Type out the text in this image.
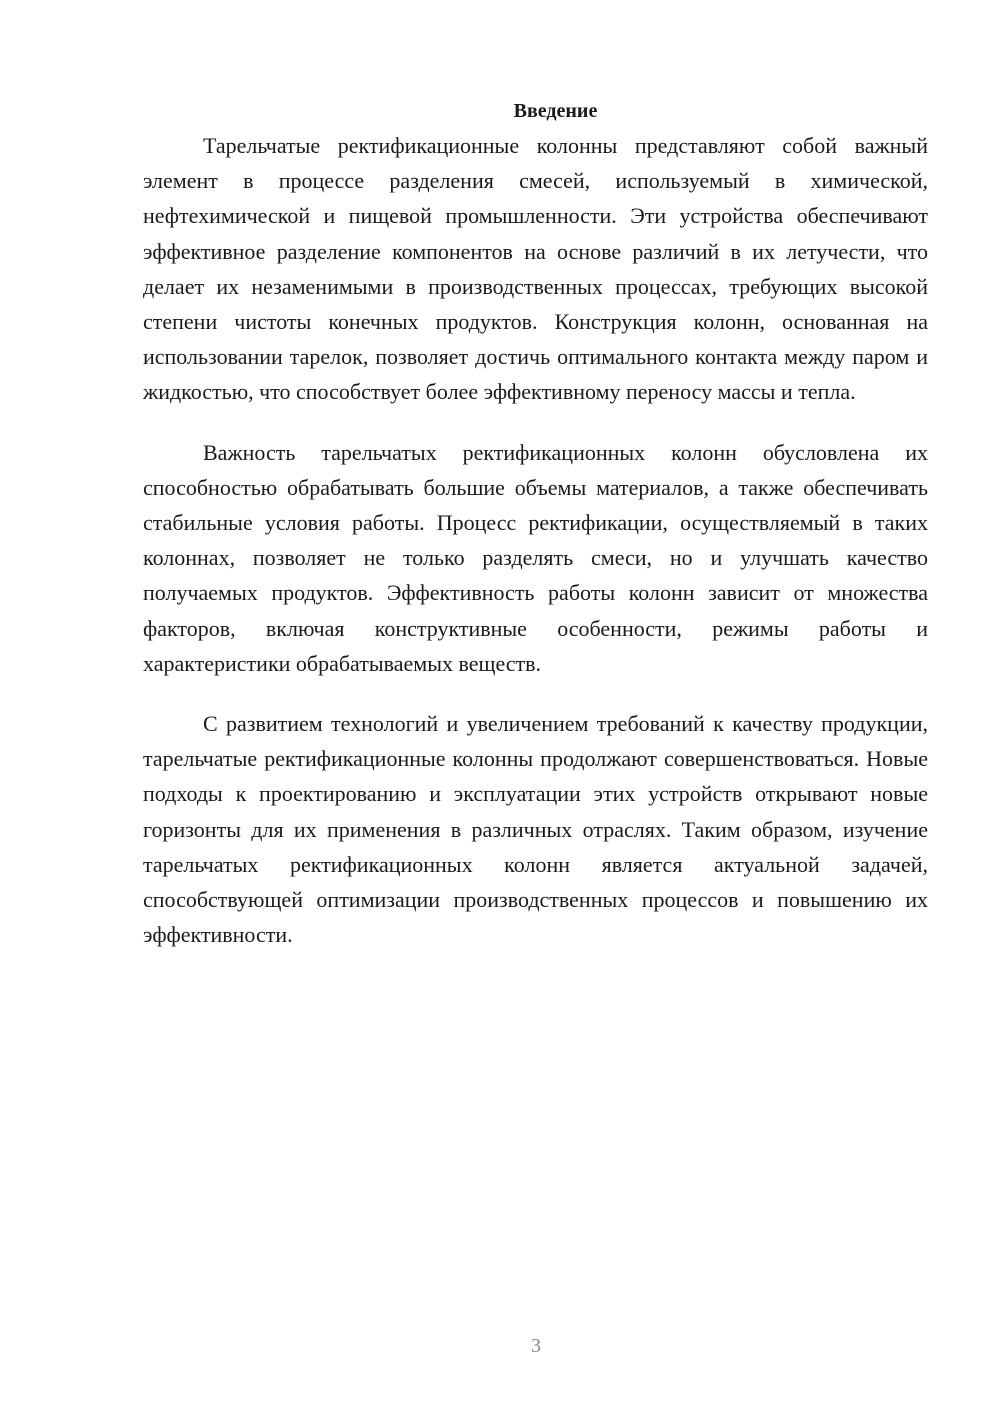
Введение

Тарельчатые ректификационные колонны представляют собой важный элемент в процессе разделения смесей, используемый в химической, нефтехимической и пищевой промышленности. Эти устройства обеспечивают эффективное разделение компонентов на основе различий в их летучести, что делает их незаменимыми в производственных процессах, требующих высокой степени чистоты конечных продуктов. Конструкция колонн, основанная на использовании тарелок, позволяет достичь оптимального контакта между паром и жидкостью, что способствует более эффективному переносу массы и тепла.

Важность тарельчатых ректификационных колонн обусловлена их способностью обрабатывать большие объемы материалов, а также обеспечивать стабильные условия работы. Процесс ректификации, осуществляемый в таких колоннах, позволяет не только разделять смеси, но и улучшать качество получаемых продуктов. Эффективность работы колонн зависит от множества факторов, включая конструктивные особенности, режимы работы и характеристики обрабатываемых веществ.

С развитием технологий и увеличением требований к качеству продукции, тарельчатые ректификационные колонны продолжают совершенствоваться. Новые подходы к проектированию и эксплуатации этих устройств открывают новые горизонты для их применения в различных отраслях. Таким образом, изучение тарельчатых ректификационных колонн является актуальной задачей, способствующей оптимизации производственных процессов и повышению их эффективности.

3
